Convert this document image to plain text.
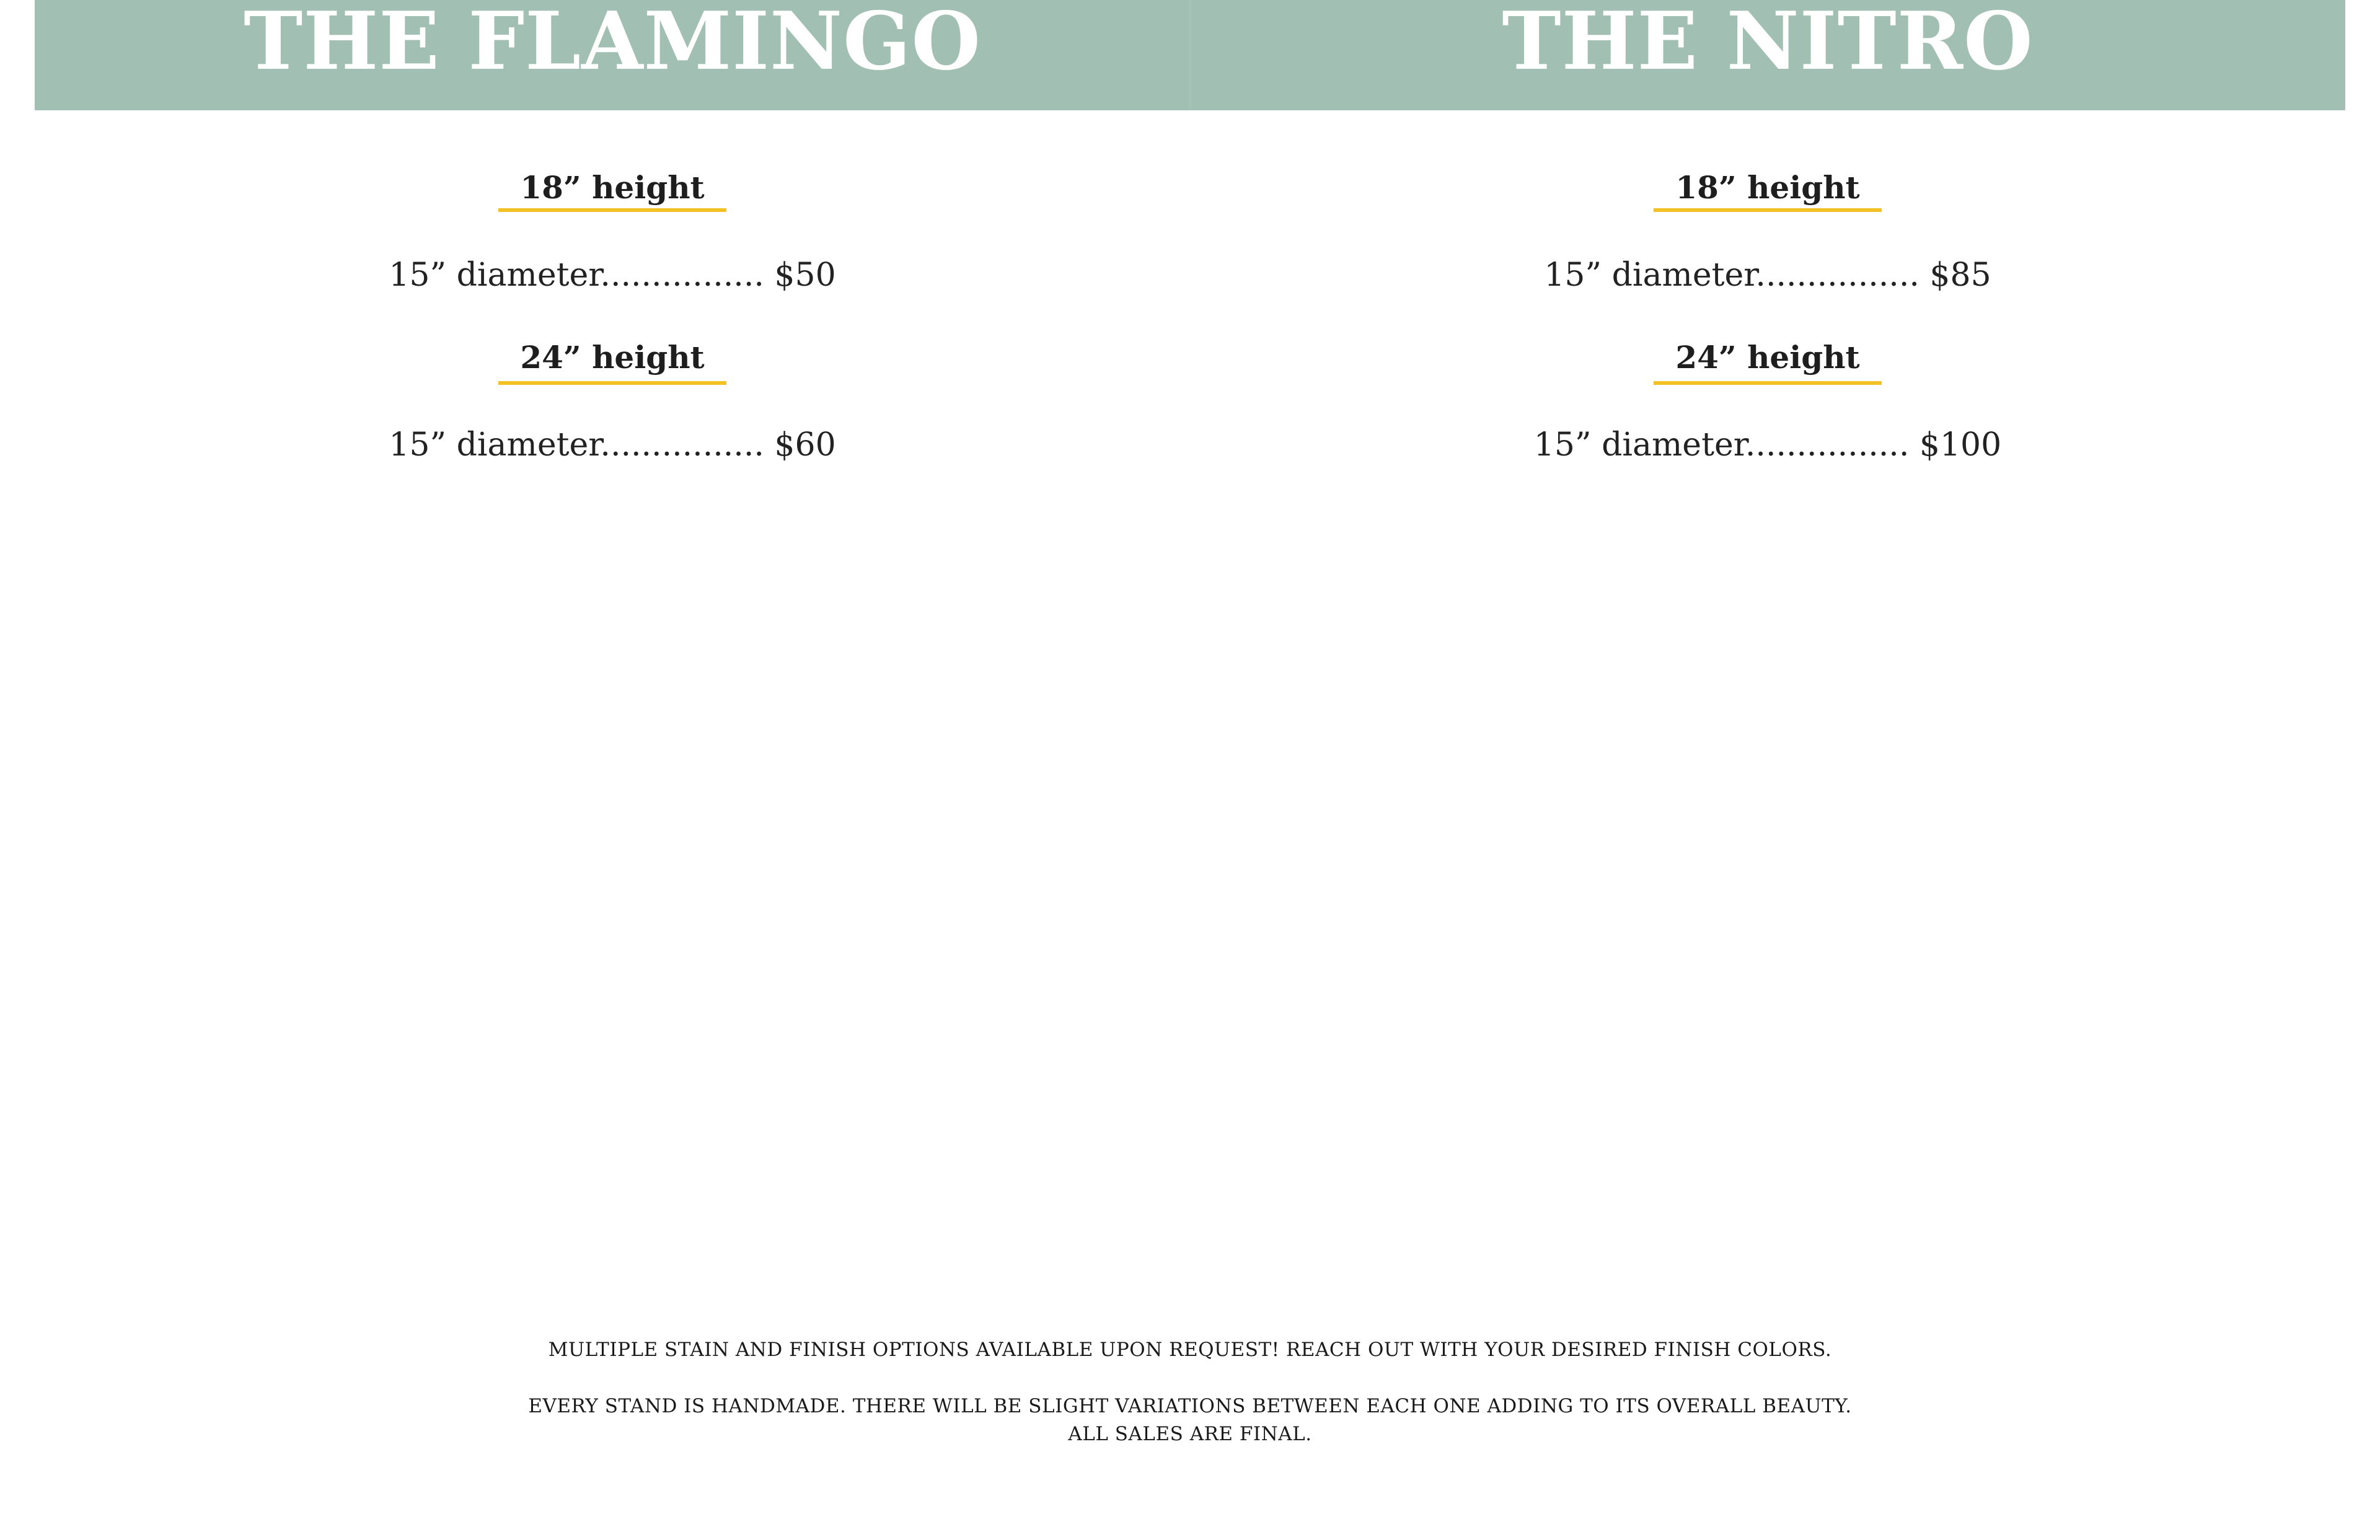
THE FLAMINGO
18” height
15” diameter................ $50
24” height
15” diameter................ $60
THE NITRO
18” height
15” diameter................ $85
24” height
15” diameter................ $100
MULTIPLE STAIN AND FINISH OPTIONS AVAILABLE UPON REQUEST! REACH OUT WITH YOUR DESIRED FINISH COLORS.
EVERY STAND IS HANDMADE. THERE WILL BE SLIGHT VARIATIONS BETWEEN EACH ONE ADDING TO ITS OVERALL BEAUTY.
ALL SALES ARE FINAL.
